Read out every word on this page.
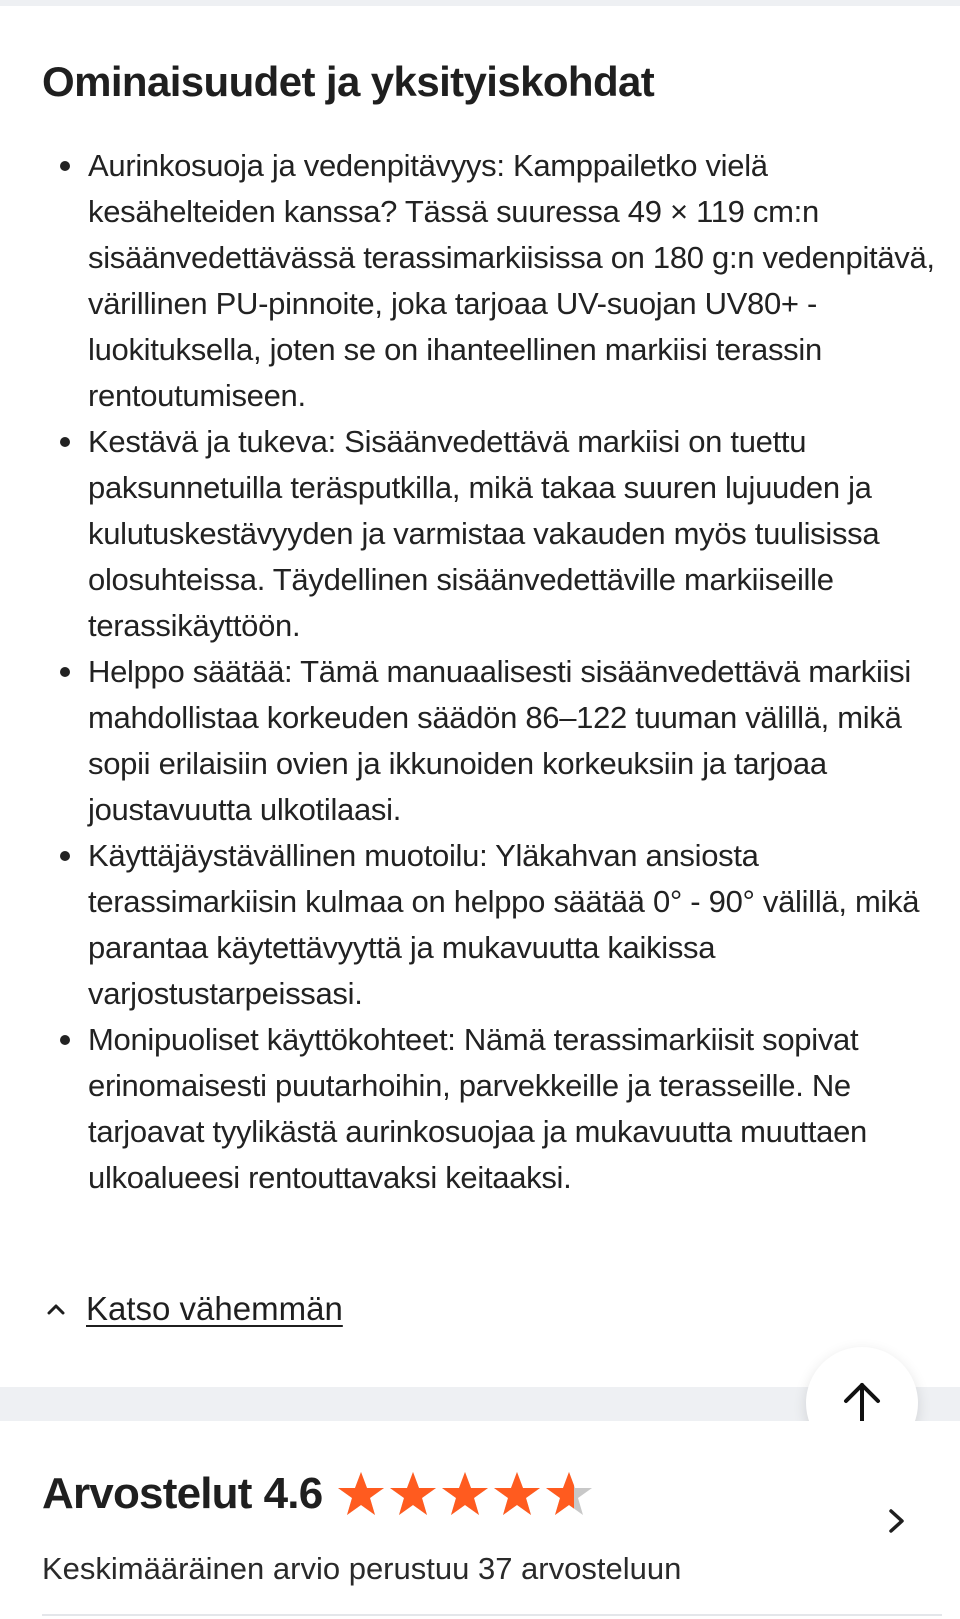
Ominaisuudet ja yksityiskohdat
Aurinkosuoja ja vedenpitävyys: Kamppailetko vielä kesähelteiden kanssa? Tässä suuressa 49 × 119 cm:n sisäänvedettävässä terassimarkiisissa on 180 g:n vedenpitävä, värillinen PU-pinnoite, joka tarjoaa UV-suojan UV80+ -luokituksella, joten se on ihanteellinen markiisi terassin rentoutumiseen.
Kestävä ja tukeva: Sisäänvedettävä markiisi on tuettu paksunnetuilla teräsputkilla, mikä takaa suuren lujuuden ja kulutuskestävyyden ja varmistaa vakauden myös tuulisissa olosuhteissa. Täydellinen sisäänvedettäville markiiseille terassikäyttöön.
Helppo säätää: Tämä manuaalisesti sisäänvedettävä markiisi mahdollistaa korkeuden säädön 86–122 tuuman välillä, mikä sopii erilaisiin ovien ja ikkunoiden korkeuksiin ja tarjoaa joustavuutta ulkotilaasi.
Käyttäjäystävällinen muotoilu: Yläkahvan ansiosta terassimarkiisin kulmaa on helppo säätää 0° - 90° välillä, mikä parantaa käytettävyyttä ja mukavuutta kaikissa varjostustarpeissasi.
Monipuoliset käyttökohteet: Nämä terassimarkiisit sopivat erinomaisesti puutarhoihin, parvekkeille ja terasseille. Ne tarjoavat tyylikästä aurinkosuojaa ja mukavuutta muuttaen ulkoalueesi rentouttavaksi keitaaksi.
Katso vähemmän
Arvostelut 4.6
Keskimääräinen arvio perustuu 37 arvosteluun
